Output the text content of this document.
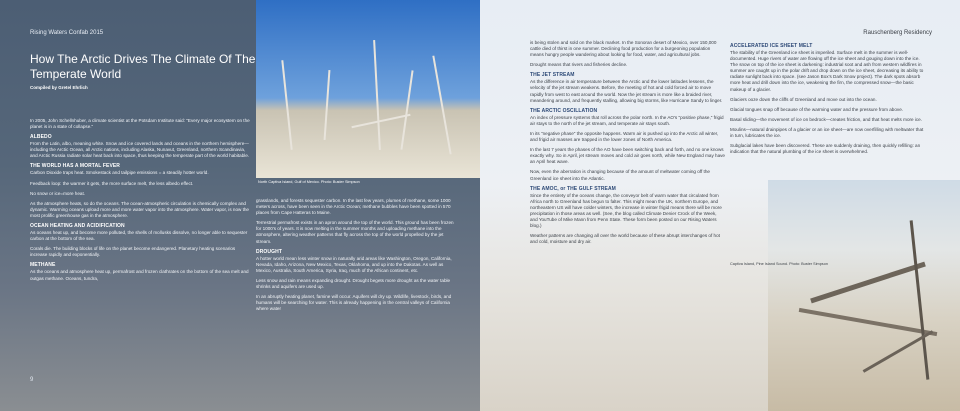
North Captiva Island, Gulf of Mexico. Photo: Buster Simpson
Rising Waters Confab 2015
How The Arctic Drives The Climate Of The Temperate World
Compiled by Gretel Ehrlich

In 2005, John Schellnhuber, a climate scientist at the Potsdam Institute said: "Every major ecosystem on the planet is in a state of collapse."

ALBEDO

From the Latin, albo, meaning white. Snow and ice covered lands and oceans in the northern hemisphere—including the Arctic Ocean, all Arctic nations, including Alaska, Nunavut, Greenland, northern Scandinavia, and Arctic Russia radiate solar heat back into space, thus keeping the temperate part of the world habitable.

THE WORLD HAS A MORTAL FEVER

Carbon Dioxide traps heat. Smokestack and tailpipe emissions = a steadily hotter world.

Feedback loop: the warmer it gets, the more surface melt, the less albedo effect.

No snow or ice=more heat.

As the atmosphere heats, so do the oceans. The ocean-atmospheric circulation is chemically complex and dynamic. Warming oceans upload more and more water vapor into the atmosphere. Water vapor, is now the most prolific greenhouse gas in the atmosphere.

OCEAN HEATING AND ACIDIFICATION

As oceans heat up, and become more polluted, the shells of mollusks dissolve, no longer able to sequester carbon at the bottom of the sea.

Corals die. The building blocks of life on the planet become endangered. Planetary heating scenarios increase rapidly and exponentially.

METHANE

As the oceans and atmosphere heat up, permafrost and frozen clathrates on the bottom of the sea melt and outgas methane. Oceans, tundra,

grasslands, and forests sequester carbon. In the last few years, plumes of methane, some 1000 meters across, have been seen in the Arctic Ocean; methane bubbles have been spotted in 570 places from Cape Hatteras to Maine.

Terrestrial permafrost exists in an apron around the top of the world. This ground has been frozen for 1000's of years. It is now melting in the summer months and uploading methane into the atmosphere, altering weather patterns that fly across the top of the world propelled by the jet stream.

DROUGHT

A hotter world mean less winter snow in naturally arid areas like Washington, Oregon, California, Nevada, Idaho, Arizona, New Mexico, Texas, Oklahoma, and up into the Dakotas. As well as Mexico, Australia, South America, Syria, Iraq, much of the African continent, etc.

Less snow and rain means expanding drought. Drought begets more drought as the water table shrinks and aquifers are used up.

In an abruptly heating planet, famine will occur. Aquifers will dry up. Wildlife, livestock, birds, and humans will be searching for water. This is already happening in the central valleys of California where water

9
Rauschenberg Residency

is being stolen and sold on the black market. In the Sonoran desert of Mexico, over 150,000 cattle died of thirst in one summer. Declining food production for a burgeoning population means hungry people wandering about looking for food, water, and agricultural jobs.

Drought means that rivers and fisheries decline.

THE JET STREAM

As the difference in air temperature between the Arctic and the lower latitudes lessens, the velocity of the jet stream weakens. Before, the meeting of hot and cold forced air to move rapidly from west to east around the world. Now the jet stream is more like a braided river, meandering around, and frequently stalling, allowing big storms, like Hurricane Sandy to linger.

THE ARCTIC OSCILLATION

An index of pressure systems that roll across the polar north. In the AO's "positive phase," frigid air stays to the north of the jet stream, and temperate air stays south.

In its "negative phase" the opposite happens. Warm air is pushed up into the Arctic all winter, and frigid air masses are trapped in the lower zones of North America.

In the last 7 years the phases of the AO have been switching back and forth, and no one knows exactly why. So in April, jet stream moves and cold air goes north, while New England may have an April heat wave.

Now, even the aberration is changing because of the amount of meltwater coming off the Greenland ice sheet into the Atlantic.

THE AMOC, or THE GULF STREAM

Since the entirety of the oceans change, the conveyor belt of warm water that circulated from Africa north to Greenland has begun to falter. This might mean the UK, northern Europe, and northeastern US will have colder winters, the increase in winter frigid means there will be more precipitation in those areas as well. (See, the blog called Climate Denier Crock of the Week, and YouTube of Mike Mann from Penn State. These form been posted on our Rising Waters blog.)

Weather patterns are changing all over the world because of these abrupt interchanges of hot and cold, moisture and dry air.

ACCELERATED ICE SHEET MELT

The stability of the Greenland ice sheet is imperiled. Surface melt in the summer is well-documented. Huge rivers of water are flowing off the ice sheet and gouging down into the ice. The snow on top of the ice sheet is darkening: industrial soot and ash from western wildfires in summer are caught up in the polar drift and drop down on the ice sheet, decreasing its ability to radiate sunlight back into space. (see Jason Box's Dark Snow project). The dark spots absorb more heat and drill down into the ice, weakening the firn, the compressed snow—the basic makeup of a glacier.

Glaciers ooze down the cliffs of Greenland and move out into the ocean.

Glacial tongues snap off because of the warming water and the pressure from above.

Basal sliding—the movement of ice on bedrock—creates friction, and that heat melts more ice.

Moulins—natural drainpipes of a glacier or an ice sheet—are now overfilling with meltwater that in turn, lubricates the ice.

Subglacial lakes have been discovered. These are suddenly draining, then quickly refilling: an indication that the natural plumbing of the ice sheet is overwhelmed.

Captiva Island, Pine Island Sound. Photo: Buster Simpson
